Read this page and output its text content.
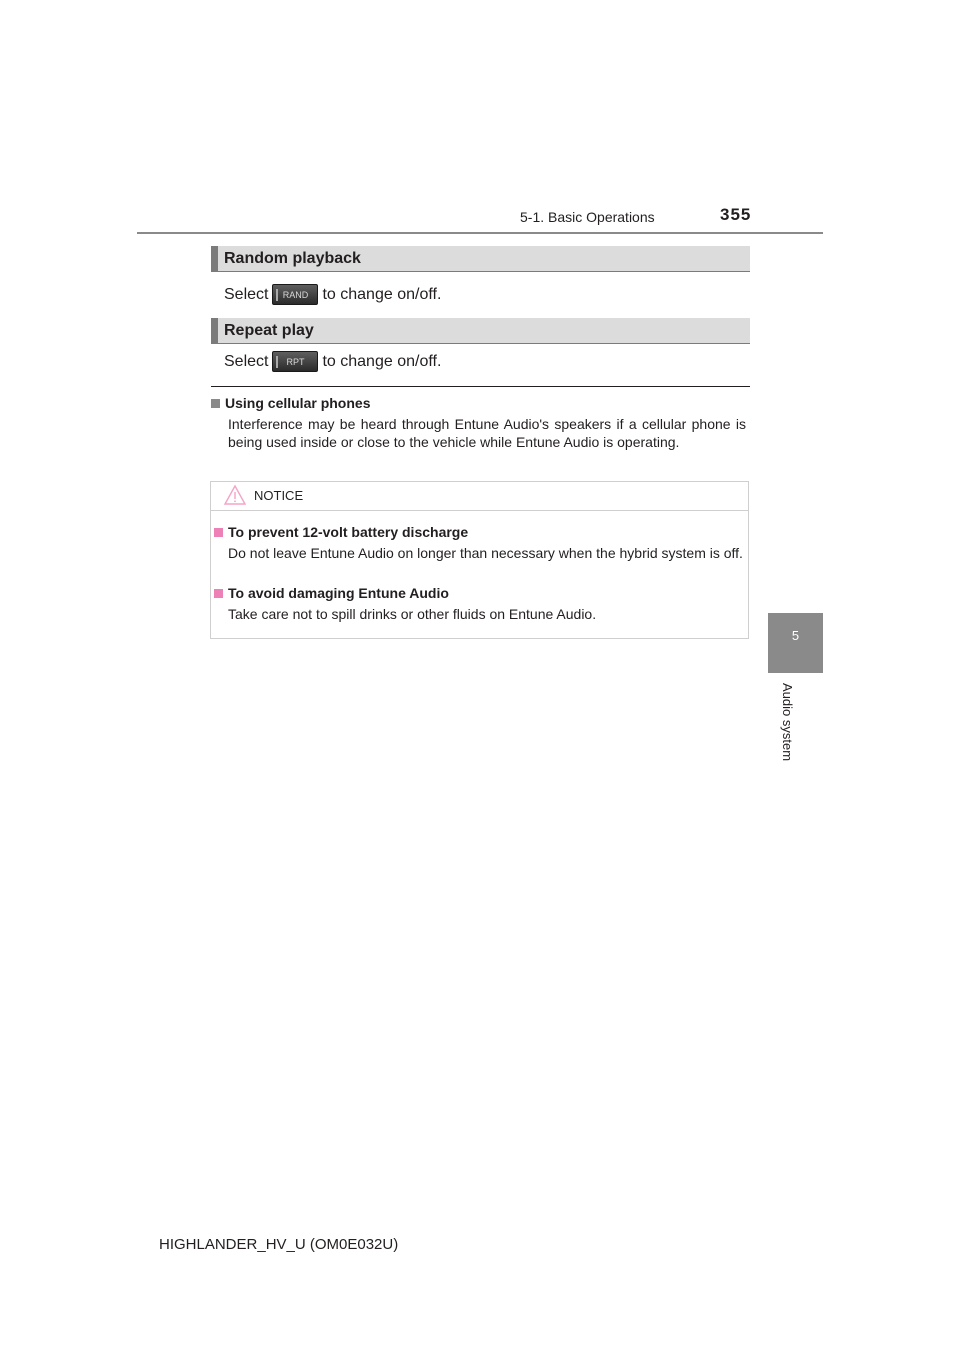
5-1. Basic Operations	355
5
Audio system
Random playback
Select	RAND to change on/off.
Repeat play
Select	RPT	to change on/off.
Using cellular phones
Interference may be heard through Entune Audio's speakers if a cellular phone is being used inside or close to the vehicle while Entune Audio is operating.
NOTICE
To prevent 12-volt battery discharge
Do not leave Entune Audio on longer than necessary when the hybrid system is off.
To avoid damaging Entune Audio
Take care not to spill drinks or other fluids on Entune Audio.
HIGHLANDER_HV_U (OM0E032U)
